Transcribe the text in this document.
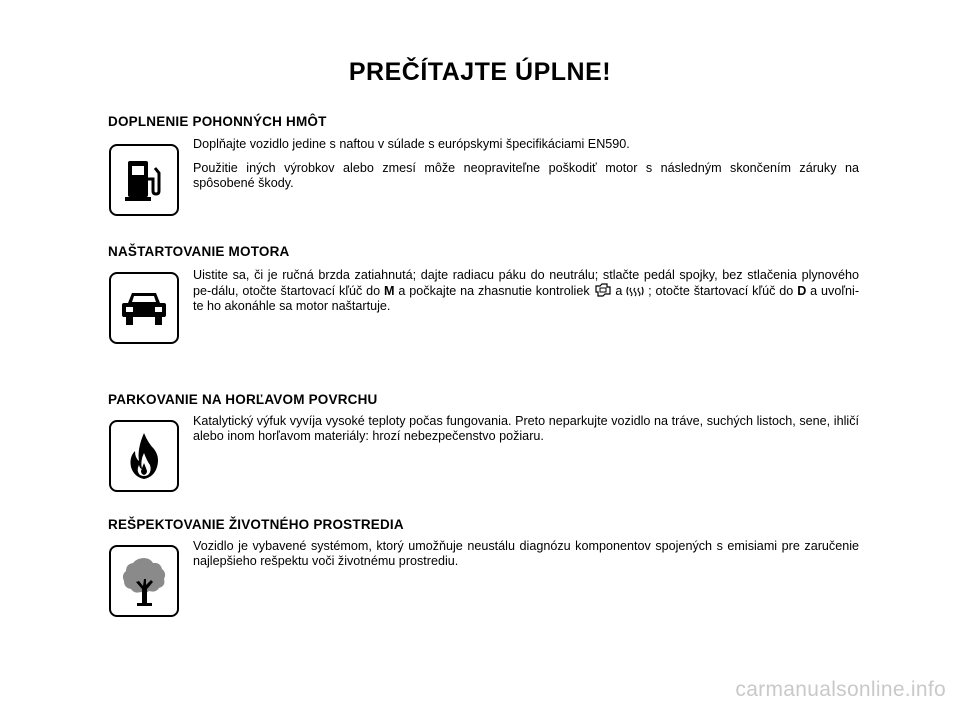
PREČÍTAJTE ÚPLNE!
DOPLNENIE POHONNÝCH HMÔT

Doplňajte vozidlo jedine s naftou v súlade s európskymi špecifikáciami EN590.

Použitie iných výrobkov alebo zmesí môže neopraviteľne poškodiť motor s následným skončením záruky na spôsobené škody.

NAŠTARTOVANIE MOTORA

Uistite sa, či je ručná brzda zatiahnutá; dajte radiacu páku do neutrálu; stlačte pedál spojky, bez stlačenia plynového pe-dálu, otočte štartovací kľúč do M a počkajte na zhasnutie kontroliek a ; otočte štartovací kľúč do D a uvoľni-te ho akonáhle sa motor naštartuje.

PARKOVANIE NA HORĽAVOM POVRCHU

Katalytický výfuk vyvíja vysoké teploty počas fungovania. Preto neparkujte vozidlo na tráve, suchých listoch, sene, ihličí alebo inom horľavom materiály: hrozí nebezpečenstvo požiaru.

REŠPEKTOVANIE ŽIVOTNÉHO PROSTREDIA

Vozidlo je vybavené systémom, ktorý umožňuje neustálu diagnózu komponentov spojených s emisiami pre zaručenie najlepšieho rešpektu voči životnému prostrediu.

carmanualsonline.info
